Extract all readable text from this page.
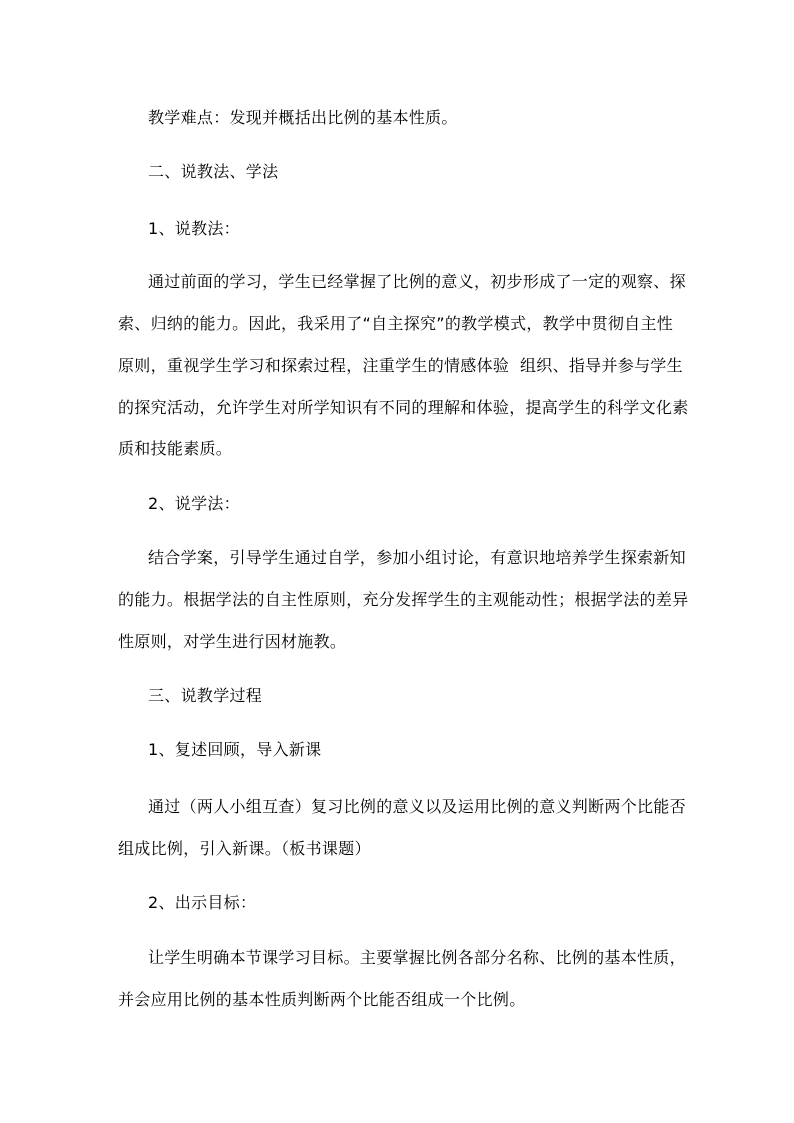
教学难点：发现并概括出比例的基本性质。
二、说教法、学法
1、说教法：
通过前面的学习，学生已经掌握了比例的意义，初步形成了一定的观察、探
索、归纳的能力。因此，我采用了“自主探究”的教学模式，教学中贯彻自主性
原则，重视学生学习和探索过程，注重学生的情感体验  组织、指导并参与学生
的探究活动，允许学生对所学知识有不同的理解和体验，提高学生的科学文化素
质和技能素质。
2、说学法：
结合学案，引导学生通过自学，参加小组讨论，有意识地培养学生探索新知
的能力。根据学法的自主性原则，充分发挥学生的主观能动性；根据学法的差异
性原则，对学生进行因材施教。
三、说教学过程
1、复述回顾，导入新课
通过（两人小组互查）复习比例的意义以及运用比例的意义判断两个比能否
组成比例，引入新课。（板书课题）
2、出示目标：
让学生明确本节课学习目标。主要掌握比例各部分名称、比例的基本性质，
并会应用比例的基本性质判断两个比能否组成一个比例。
